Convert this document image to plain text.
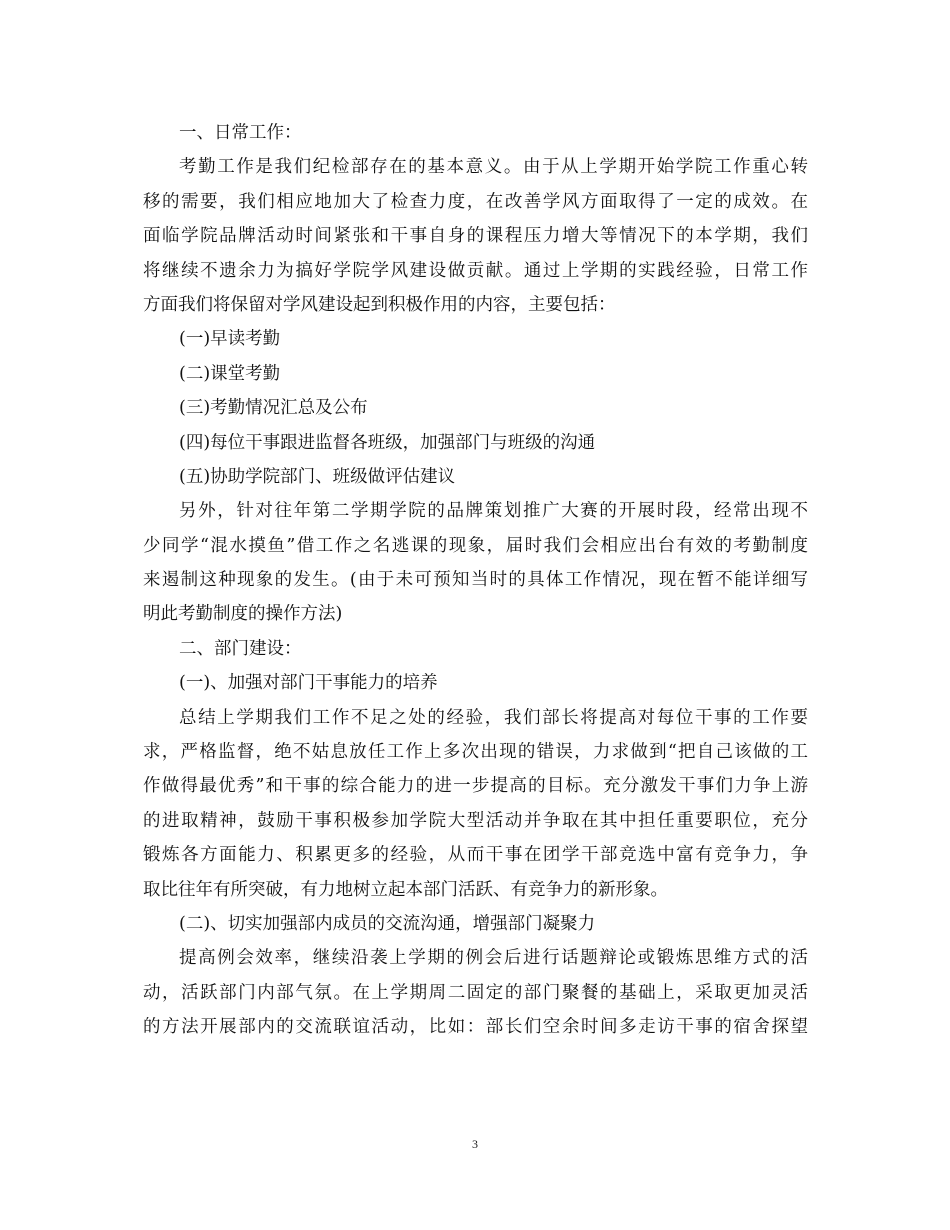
一、日常工作：
考勤工作是我们纪检部存在的基本意义。由于从上学期开始学院工作重心转
移的需要，我们相应地加大了检查力度，在改善学风方面取得了一定的成效。在
面临学院品牌活动时间紧张和干事自身的课程压力增大等情况下的本学期，我们
将继续不遗余力为搞好学院学风建设做贡献。通过上学期的实践经验，日常工作
方面我们将保留对学风建设起到积极作用的内容，主要包括：
(一)早读考勤
(二)课堂考勤
(三)考勤情况汇总及公布
(四)每位干事跟进监督各班级，加强部门与班级的沟通
(五)协助学院部门、班级做评估建议
另外，针对往年第二学期学院的品牌策划推广大赛的开展时段，经常出现不
少同学“混水摸鱼”借工作之名逃课的现象，届时我们会相应出台有效的考勤制度
来遏制这种现象的发生。(由于未可预知当时的具体工作情况，现在暂不能详细写
明此考勤制度的操作方法)
二、部门建设：
(一)、加强对部门干事能力的培养
总结上学期我们工作不足之处的经验，我们部长将提高对每位干事的工作要
求，严格监督，绝不姑息放任工作上多次出现的错误，力求做到“把自己该做的工
作做得最优秀”和干事的综合能力的进一步提高的目标。充分激发干事们力争上游
的进取精神，鼓励干事积极参加学院大型活动并争取在其中担任重要职位，充分
锻炼各方面能力、积累更多的经验，从而干事在团学干部竞选中富有竞争力，争
取比往年有所突破，有力地树立起本部门活跃、有竞争力的新形象。
(二)、切实加强部内成员的交流沟通，增强部门凝聚力
提高例会效率，继续沿袭上学期的例会后进行话题辩论或锻炼思维方式的活
动，活跃部门内部气氛。在上学期周二固定的部门聚餐的基础上，采取更加灵活
的方法开展部内的交流联谊活动，比如：部长们空余时间多走访干事的宿舍探望
3
